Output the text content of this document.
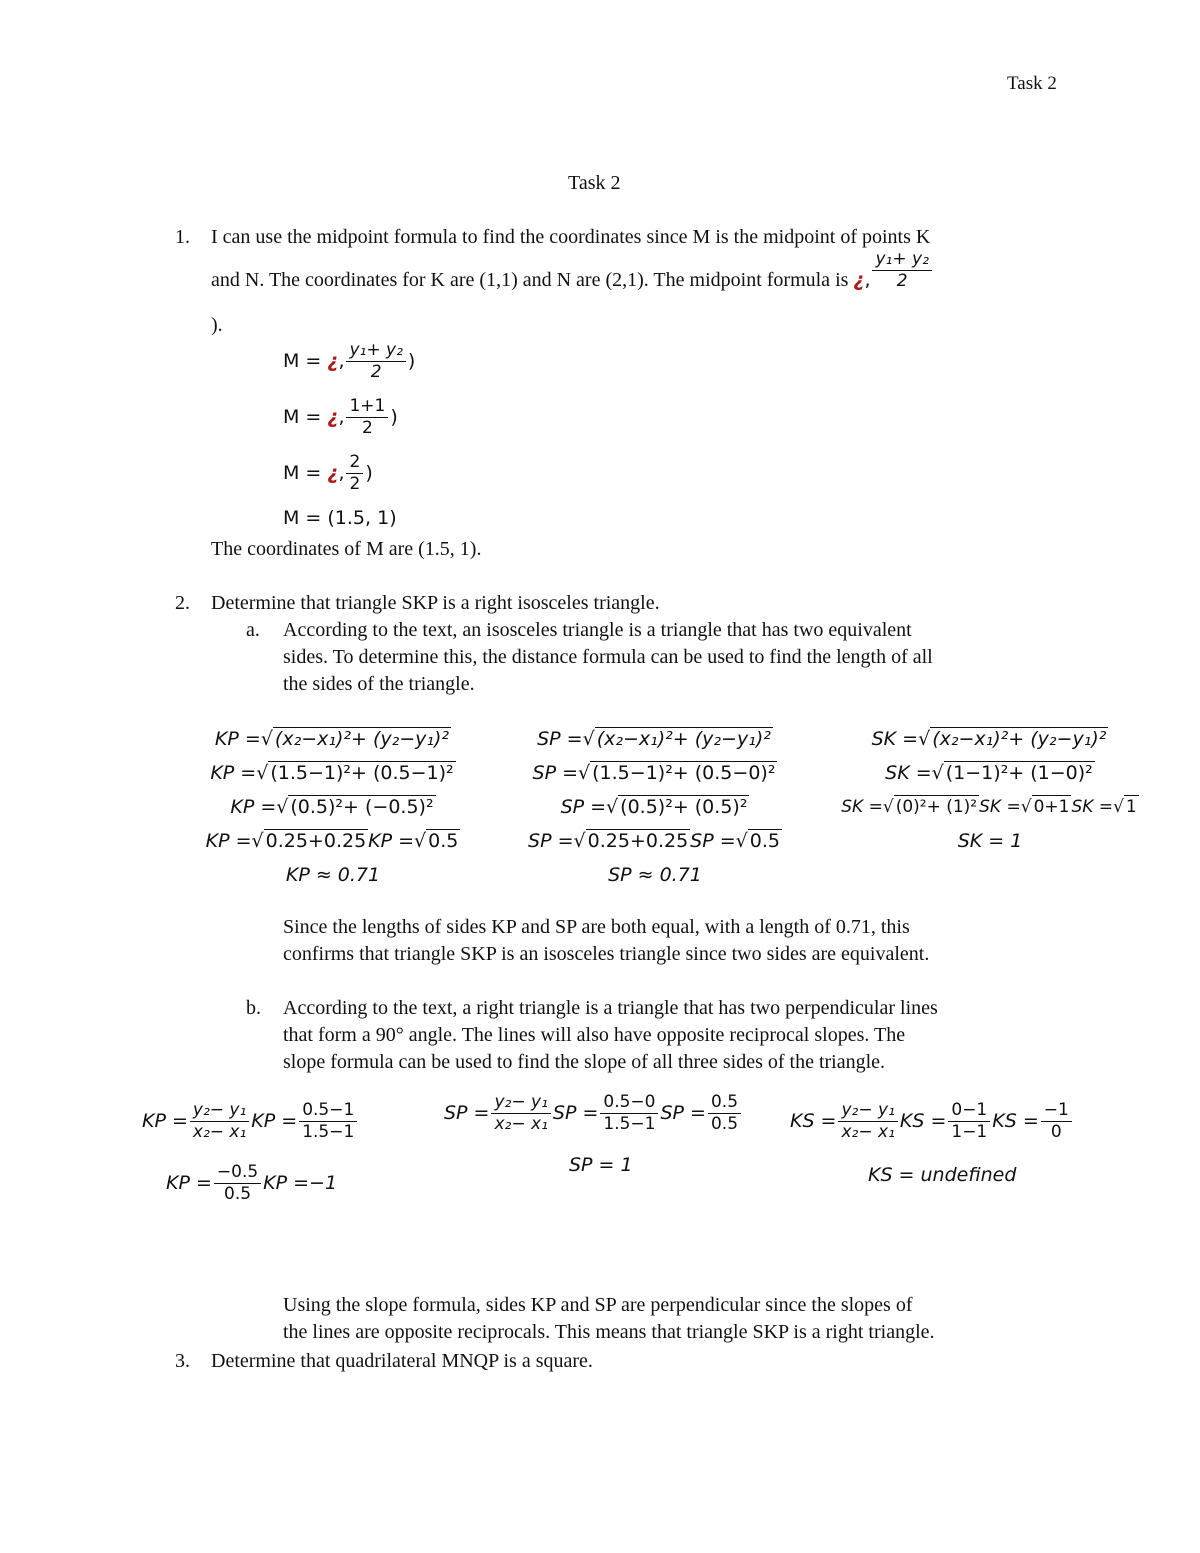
Task 2
Task 2
1. I can use the midpoint formula to find the coordinates since M is the midpoint of points K
and N. The coordinates for K are (1,1) and N are (2,1). The midpoint formula is ¿, $\frac{\text{y₁+ y₂}}{2}$
).
M = ¿, $\frac{\text{y₁+ y₂}}{2}$ )
M = ¿, $\frac{1+1}{2}$ )
M = ¿, $\frac{2}{2}$ )
M = (1.5, 1)
The coordinates of M are (1.5, 1).
2. Determine that triangle SKP is a right isosceles triangle.
a. According to the text, an isosceles triangle is a triangle that has two equivalent
sides. To determine this, the distance formula can be used to find the length of all
the sides of the triangle.
KP =√ (x₂−x₁)²+ (y₂−y₁)²
KP =√ (1.5−1)²+ (0.5−1)²
KP =√ (0.5)²+ (−0.5)²
KP =√ 0.25+0.25 KP =√ 0.5
KP ≈ 0.71
SP =√ (x₂−x₁)²+ (y₂−y₁)²
SP =√ (1.5−1)²+ (0.5−0)²
SP =√ (0.5)²+ (0.5)²
SP =√ 0.25+0.25 SP =√ 0.5
SP ≈ 0.71
SK =√ (x₂−x₁)²+ (y₂−y₁)²
SK =√ (1−1)²+ (1−0)²
SK =√ (0)²+ (1)² SK =√ 0+1 SK =√ 1
SK = 1
Since the lengths of sides KP and SP are both equal, with a length of 0.71, this
confirms that triangle SKP is an isosceles triangle since two sides are equivalent.
b. According to the text, a right triangle is a triangle that has two perpendicular lines
that form a 90° angle. The lines will also have opposite reciprocal slopes. The
slope formula can be used to find the slope of all three sides of the triangle.
KP = $\frac{\text{y₂− y₁}}{\text{x₂− x₁}}$ KP = $\frac{0.5-1}{1.5-1}$
KP = $\frac{-0.5}{0.5}$ KP =−1
SP = $\frac{\text{y₂− y₁}}{\text{x₂− x₁}}$ SP = $\frac{0.5-0}{1.5-1}$ SP = $\frac{0.5}{0.5}$
SP = 1
KS = $\frac{\text{y₂− y₁}}{\text{x₂− x₁}}$ KS = $\frac{0-1}{1-1}$ KS = $\frac{-1}{0}$
KS = undefined
Using the slope formula, sides KP and SP are perpendicular since the slopes of
the lines are opposite reciprocals. This means that triangle SKP is a right triangle.
3. Determine that quadrilateral MNQP is a square.
